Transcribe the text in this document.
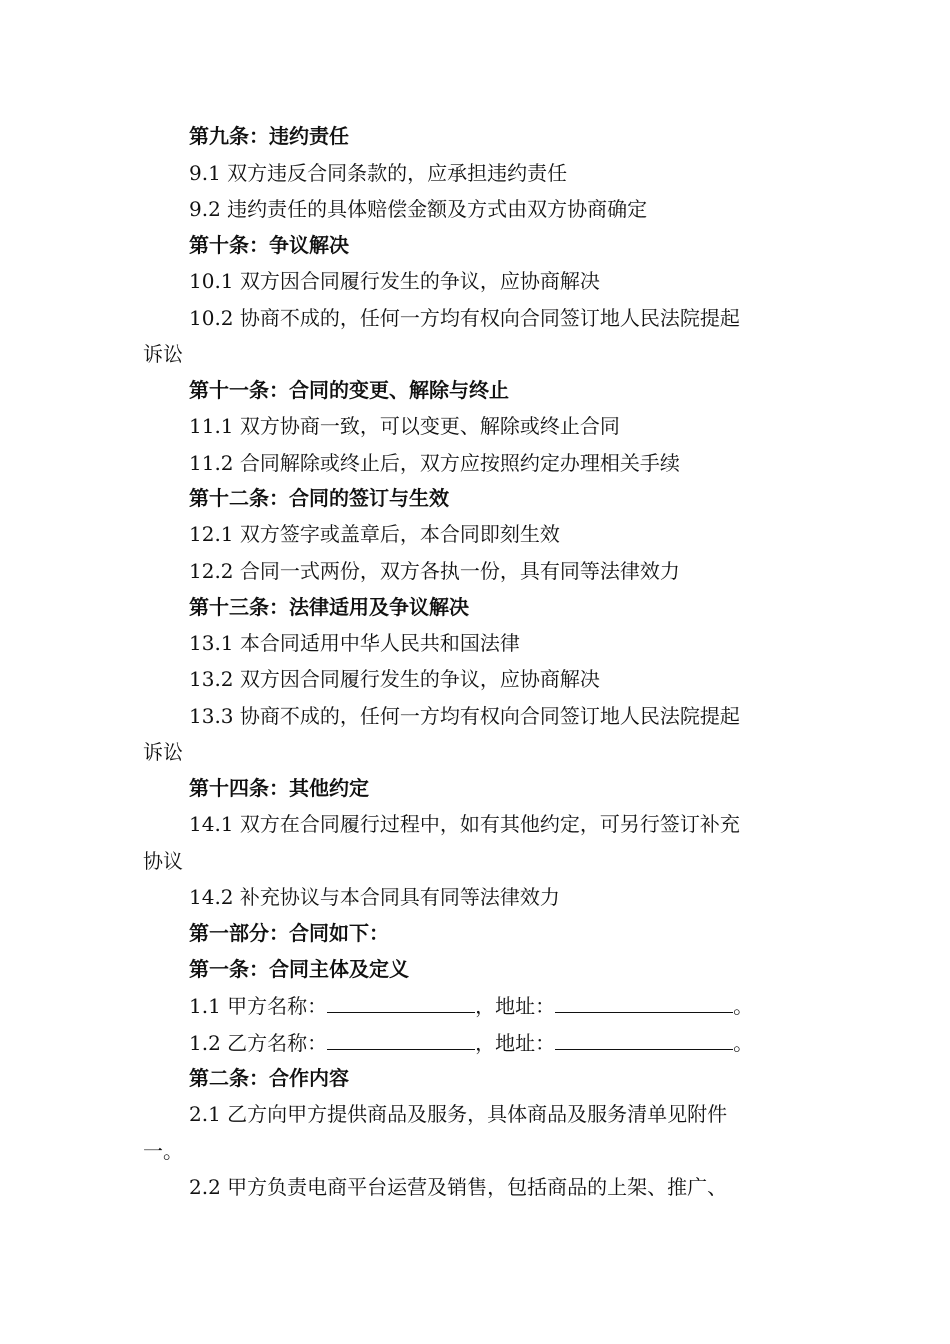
第九条：违约责任
9.1 双方违反合同条款的，应承担违约责任
9.2 违约责任的具体赔偿金额及方式由双方协商确定
第十条：争议解决
10.1 双方因合同履行发生的争议，应协商解决
10.2 协商不成的，任何一方均有权向合同签订地人民法院提起
诉讼
第十一条：合同的变更、解除与终止
11.1 双方协商一致，可以变更、解除或终止合同
11.2 合同解除或终止后，双方应按照约定办理相关手续
第十二条：合同的签订与生效
12.1 双方签字或盖章后，本合同即刻生效
12.2 合同一式两份，双方各执一份，具有同等法律效力
第十三条：法律适用及争议解决
13.1 本合同适用中华人民共和国法律
13.2 双方因合同履行发生的争议，应协商解决
13.3 协商不成的，任何一方均有权向合同签订地人民法院提起
诉讼
第十四条：其他约定
14.1 双方在合同履行过程中，如有其他约定，可另行签订补充
协议
14.2 补充协议与本合同具有同等法律效力
第一部分：合同如下：
第一条：合同主体及定义
1.1 甲方名称：	，地址：	。
1.2 乙方名称：	，地址：	。
第二条：合作内容
2.1 乙方向甲方提供商品及服务，具体商品及服务清单见附件
一。
2.2 甲方负责电商平台运营及销售，包括商品的上架、推广、
